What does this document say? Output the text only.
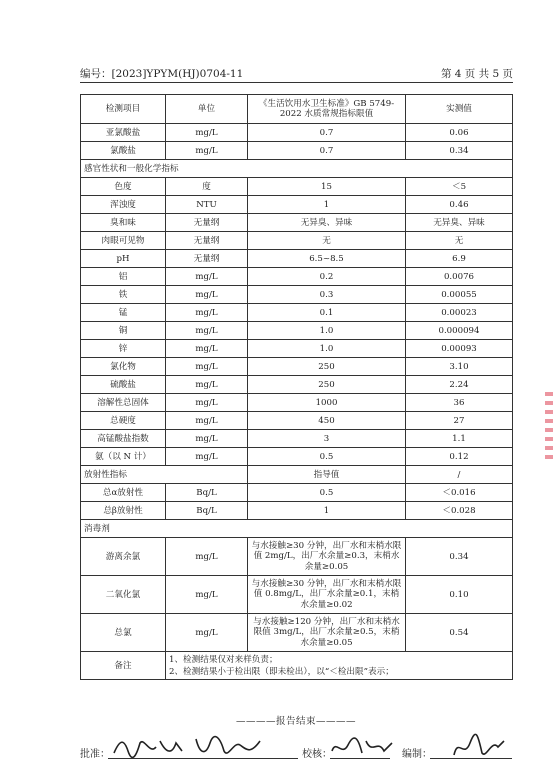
编号：[2023]YPYM(HJ)0704-11	第 4 页 共 5 页
检测项目	单位	《生活饮用水卫生标准》GB 5749-2022 水质常规指标限值	实测值
亚氯酸盐	mg/L	0.7	0.06
氯酸盐	mg/L	0.7	0.34
感官性状和一般化学指标			
色度	度	15	＜5
浑浊度	NTU	1	0.46
臭和味	无量纲	无异臭、异味	无异臭、异味
肉眼可见物	无量纲	无	无
pH	无量纲	6.5~8.5	6.9
铝	mg/L	0.2	0.0076
铁	mg/L	0.3	0.00055
锰	mg/L	0.1	0.00023
铜	mg/L	1.0	0.000094
锌	mg/L	1.0	0.00093
氯化物	mg/L	250	3.10
硫酸盐	mg/L	250	2.24
溶解性总固体	mg/L	1000	36
总硬度	mg/L	450	27
高锰酸盐指数	mg/L	3	1.1
氨（以 N 计）	mg/L	0.5	0.12
放射性指标		指导值	/
总α放射性	Bq/L	0.5	＜0.016
总β放射性	Bq/L	1	＜0.028
消毒剂			
游离余氯	mg/L	与水接触≥30 分钟，出厂水和末梢水限值 2mg/L，出厂水余量≥0.3，末梢水余量≥0.05	0.34
二氧化氯	mg/L	与水接触≥30 分钟，出厂水和末梢水限值 0.8mg/L，出厂水余量≥0.1，末梢水余量≥0.02	0.10
总氯	mg/L	与水接触≥120 分钟，出厂水和末梢水限值 3mg/L，出厂水余量≥0.5，末梢水余量≥0.05	0.54
备注	1、检测结果仅对来样负责；
2、检测结果小于检出限（即未检出），以“＜检出限”表示；		
————报告结束————
批准：	校核：	编制：
